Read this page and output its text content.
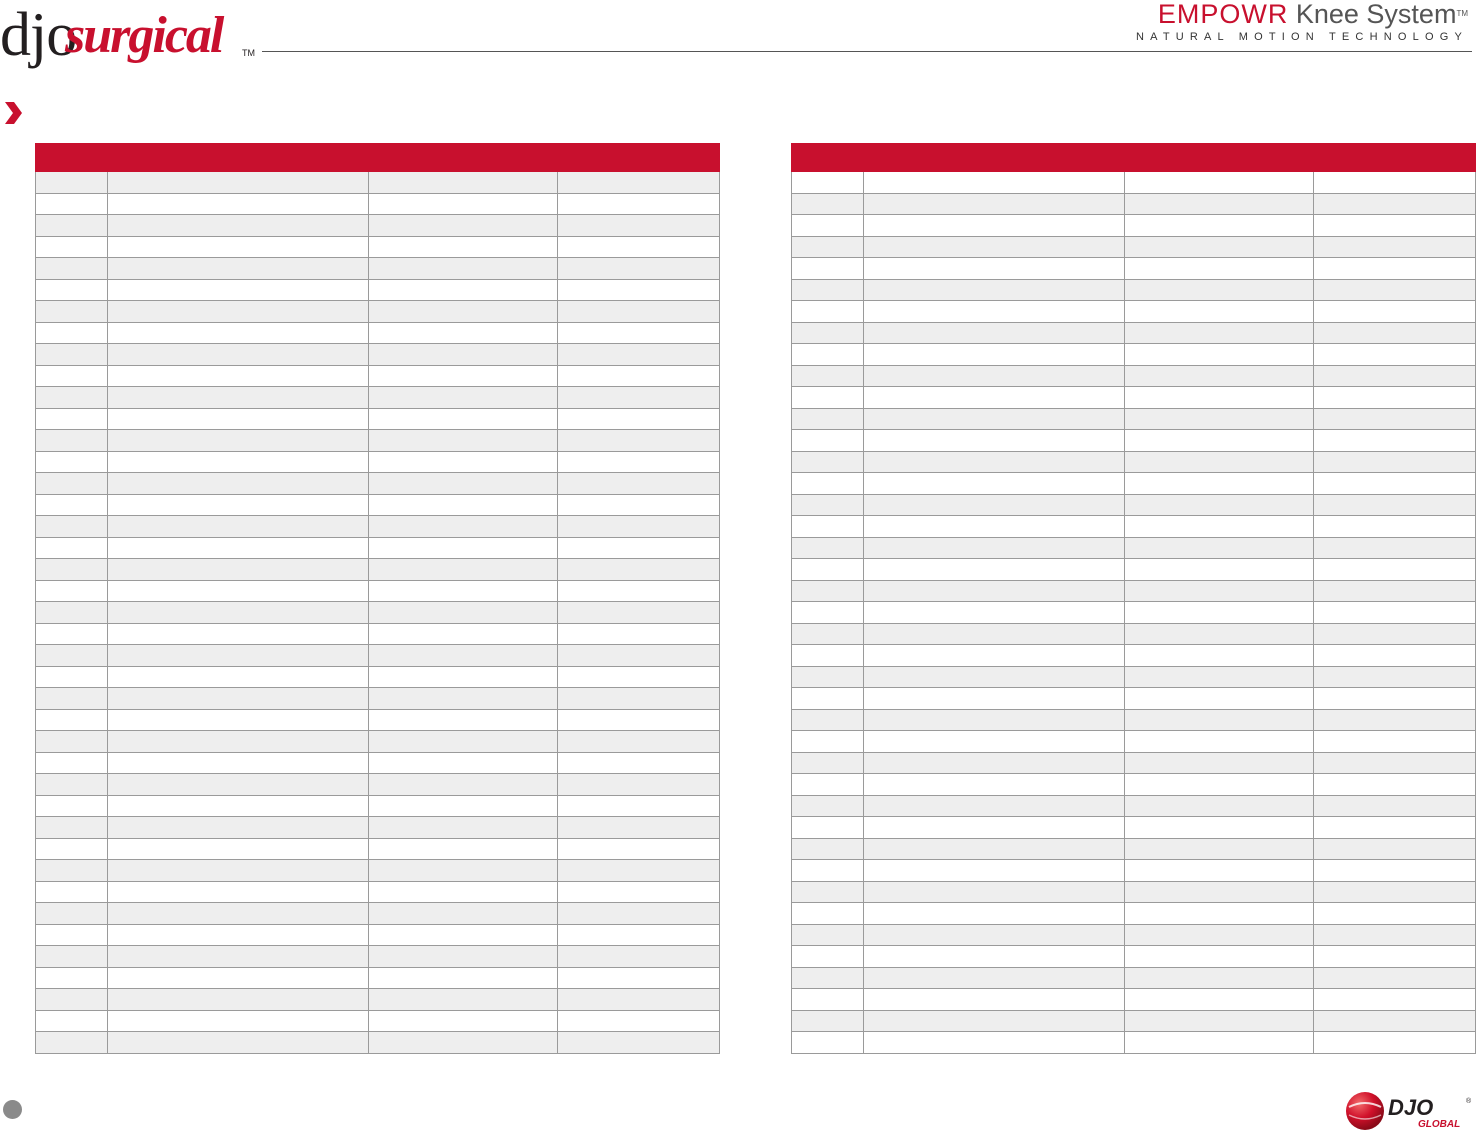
djo
surgical TM
EMPOWR Knee System™
NATURAL MOTION TECHNOLOGY

DJO	®
GLOBAL
